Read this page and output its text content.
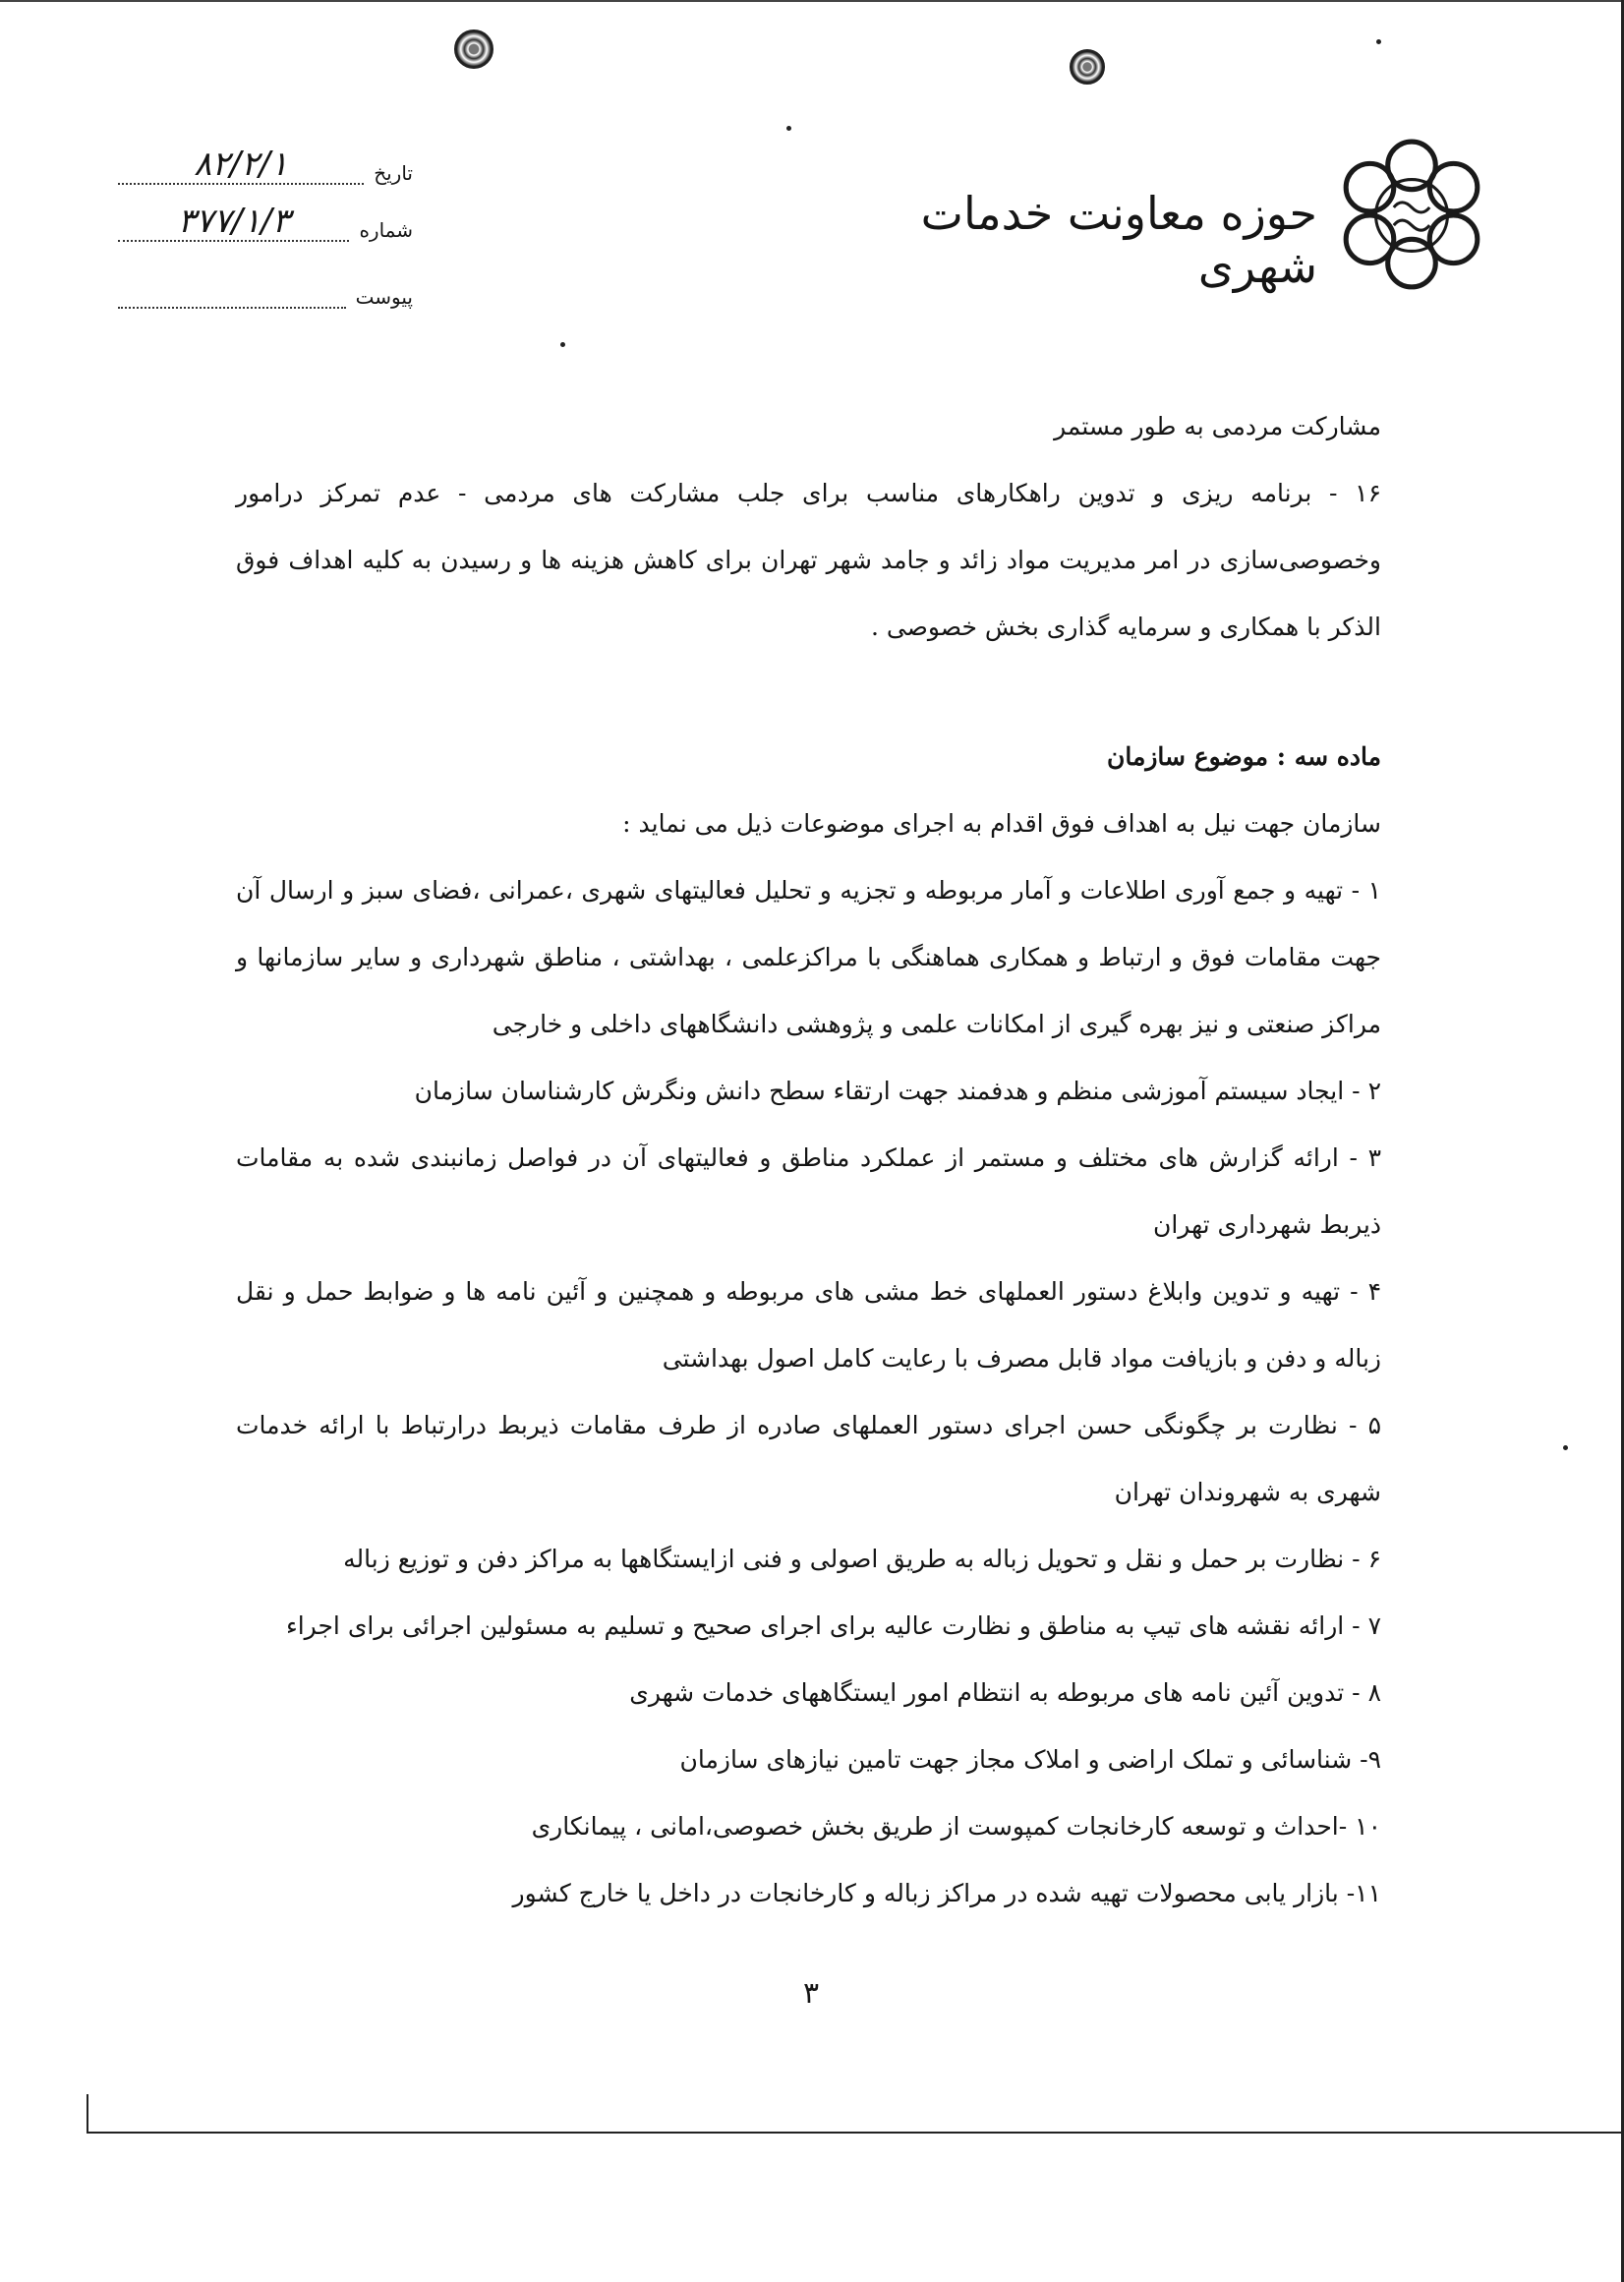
حوزه معاونت خدمات شهری
تاریخ
۸۲/۲/۱
شماره
۳۷۷/۱/۳
پیوست

مشارکت مردمی به طور مستمر

۱۶ - برنامه ریزی و تدوین راهکارهای مناسب برای جلب مشارکت های مردمی - عدم تمرکز درامور وخصوصی‌سازی در امر مدیریت مواد زائد و جامد شهر تهران برای کاهش هزینه ها و رسیدن به کلیه اهداف فوق الذکر با همکاری و سرمایه گذاری بخش خصوصی .

ماده سه : موضوع سازمان

سازمان جهت نیل به اهداف فوق اقدام به اجرای موضوعات ذیل می نماید :

۱ - تهیه و جمع آوری اطلاعات و آمار مربوطه و تجزیه و تحلیل فعالیتهای شهری ،عمرانی ،فضای سبز و ارسال آن جهت مقامات فوق و ارتباط و همکاری هماهنگی با مراکزعلمی ، بهداشتی ، مناطق شهرداری و سایر سازمانها و مراکز صنعتی و نیز بهره گیری از امکانات علمی و پژوهشی دانشگاههای داخلی و خارجی

۲ - ایجاد سیستم آموزشی منظم و هدفمند جهت ارتقاء سطح دانش ونگرش کارشناسان سازمان

۳ - ارائه گزارش های مختلف و مستمر از عملکرد مناطق و فعالیتهای آن در فواصل زمانبندی شده به مقامات ذیربط شهرداری تهران

۴ - تهیه و تدوین وابلاغ دستور العملهای خط مشی های مربوطه و همچنین و آئین نامه ها و ضوابط حمل و نقل زباله و دفن و بازیافت مواد قابل مصرف با رعایت کامل اصول بهداشتی

۵ - نظارت بر چگونگی حسن اجرای دستور العملهای صادره از طرف مقامات ذیربط درارتباط با ارائه خدمات شهری به شهروندان تهران

۶ - نظارت بر حمل و نقل و تحویل زباله به طریق اصولی و فنی ازایستگاهها به مراکز دفن و توزیع زباله

۷ - ارائه نقشه های تیپ به مناطق و نظارت عالیه برای اجرای صحیح و تسلیم به مسئولین اجرائی برای اجراء

۸ - تدوین آئین نامه های مربوطه به انتظام امور ایستگاههای خدمات شهری

۹- شناسائی و تملک اراضی و املاک مجاز جهت تامین نیازهای سازمان

۱۰ -احداث و توسعه کارخانجات کمپوست از طریق بخش خصوصی،امانی ، پیمانکاری

۱۱- بازار یابی محصولات تهیه شده در مراکز زباله و کارخانجات در داخل یا خارج کشور

۳
